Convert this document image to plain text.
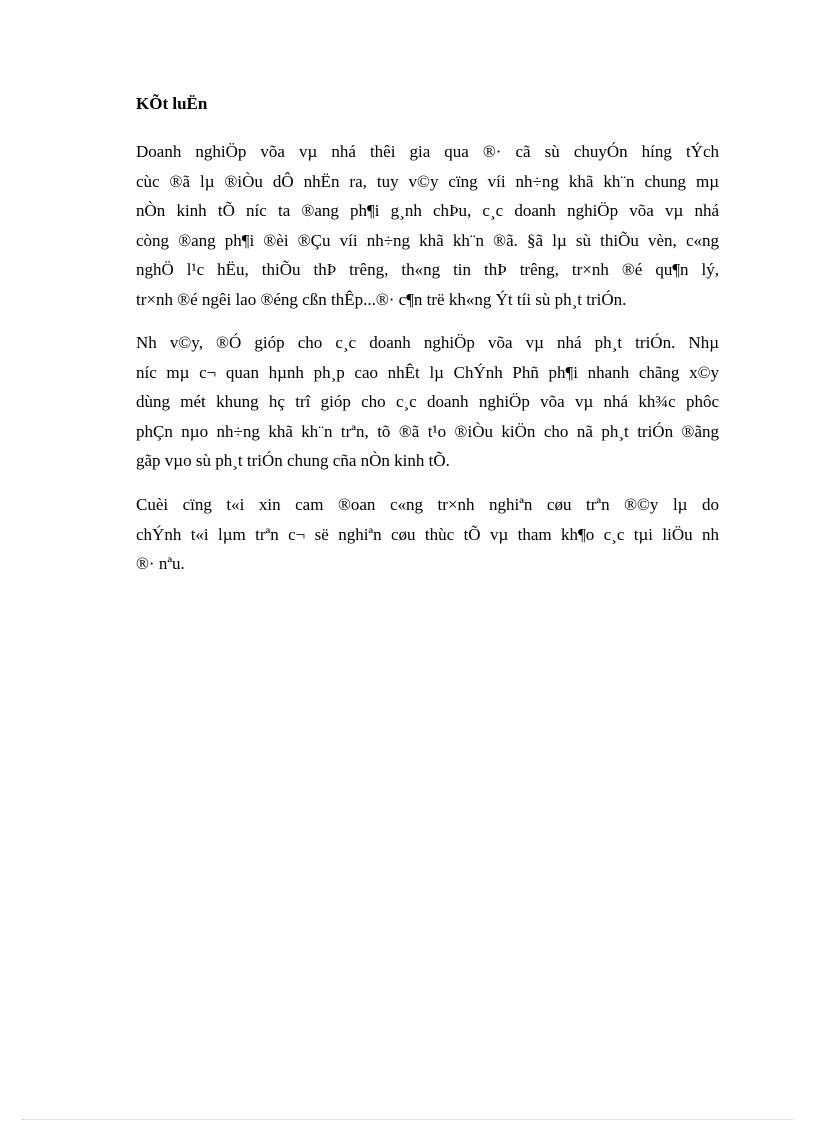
KÕt luËn
Doanh nghiÖp võa vµ nhá thêi gia qua ®· cã sù chuyÓn híng tÝch
cùc ®ã lµ ®iÒu dÔ nhËn ra, tuy v©y cïng víi nh÷ng khã kh¨n chung mµ
nÒn kinh tÕ níc ta ®ang ph¶i g¸nh chÞu, c¸c doanh nghiÖp võa vµ nhá
còng ®ang ph¶i ®èi ®Çu víi nh÷ng khã kh¨n ®ã. §ã lµ sù thiÕu vèn, c«ng
nghÖ l¹c hËu, thiÕu thÞ trêng, th«ng tin thÞ trêng, tr×nh ®é qu¶n lý,
tr×nh ®é ngêi lao ®éng cßn thÊp...®· c¶n trë kh«ng Ýt tíi sù ph¸t triÓn.
Nh v©y, ®Ó gióp cho c¸c doanh nghiÖp võa vµ nhá ph¸t triÓn. Nhµ
níc mµ c¬ quan hµnh ph¸p cao nhÊt lµ ChÝnh Phñ ph¶i nhanh chãng x©y
dùng mét khung hç trî gióp cho c¸c doanh nghiÖp võa vµ nhá kh¾c phôc
phÇn nµo nh÷ng khã kh¨n trªn, tõ ®ã t¹o ®iÒu kiÖn cho nã ph¸t triÓn ®ãng
gãp vµo sù ph¸t triÓn chung cña nÒn kinh tÕ.
Cuèi cïng t«i xin cam ®oan c«ng tr×nh nghiªn cøu trªn ®©y lµ do
chÝnh t«i lµm trªn c¬ së nghiªn cøu thùc tÕ vµ tham kh¶o c¸c tµi liÖu nh
®· nªu.
